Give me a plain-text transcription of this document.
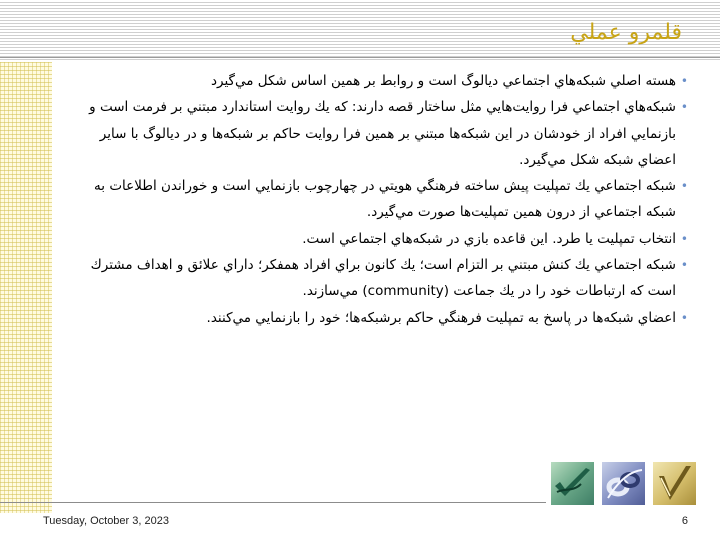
قلمرو عملي
•
هسته اصلي شبكه‌هاي اجتماعي ديالوگ است و روابط بر همين اساس شكل مي‌گيرد
•
شبكه‌هاي اجتماعي فرا روايت‌هايي مثل ساختار قصه دارند: كه يك روايت استاندارد مبتني بر فرمت است و بازنمايي افراد از خودشان در اين شبكه‌ها مبتني بر همين فرا روايت حاكم بر شبكه‌ها و در ديالوگ با ساير اعضاي شبكه شكل مي‌گيرد.
•
شبكه اجتماعي يك تمپليت پيش ساخته فرهنگي هويتي در چهارچوب بازنمايي است و خوراندن اطلاعات به شبكه اجتماعي از درون همين تمپليت‌ها صورت مي‌گيرد.
•
انتخاب تمپليت يا طرد. اين قاعده بازي در شبكه‌هاي اجتماعي است.
•
شبكه اجتماعي يك كنش مبتني بر التزام است؛ يك كانون براي افراد همفكر؛ داراي علائق و اهداف مشترك است كه ارتباطات خود را در يك جماعت (community) مي‌سازند.
•
اعضاي شبكه‌ها در پاسخ به تمپليت فرهنگي حاكم برشبكه‌ها؛ خود را بازنمايي مي‌كنند.
Tuesday, October 3, 2023	6
